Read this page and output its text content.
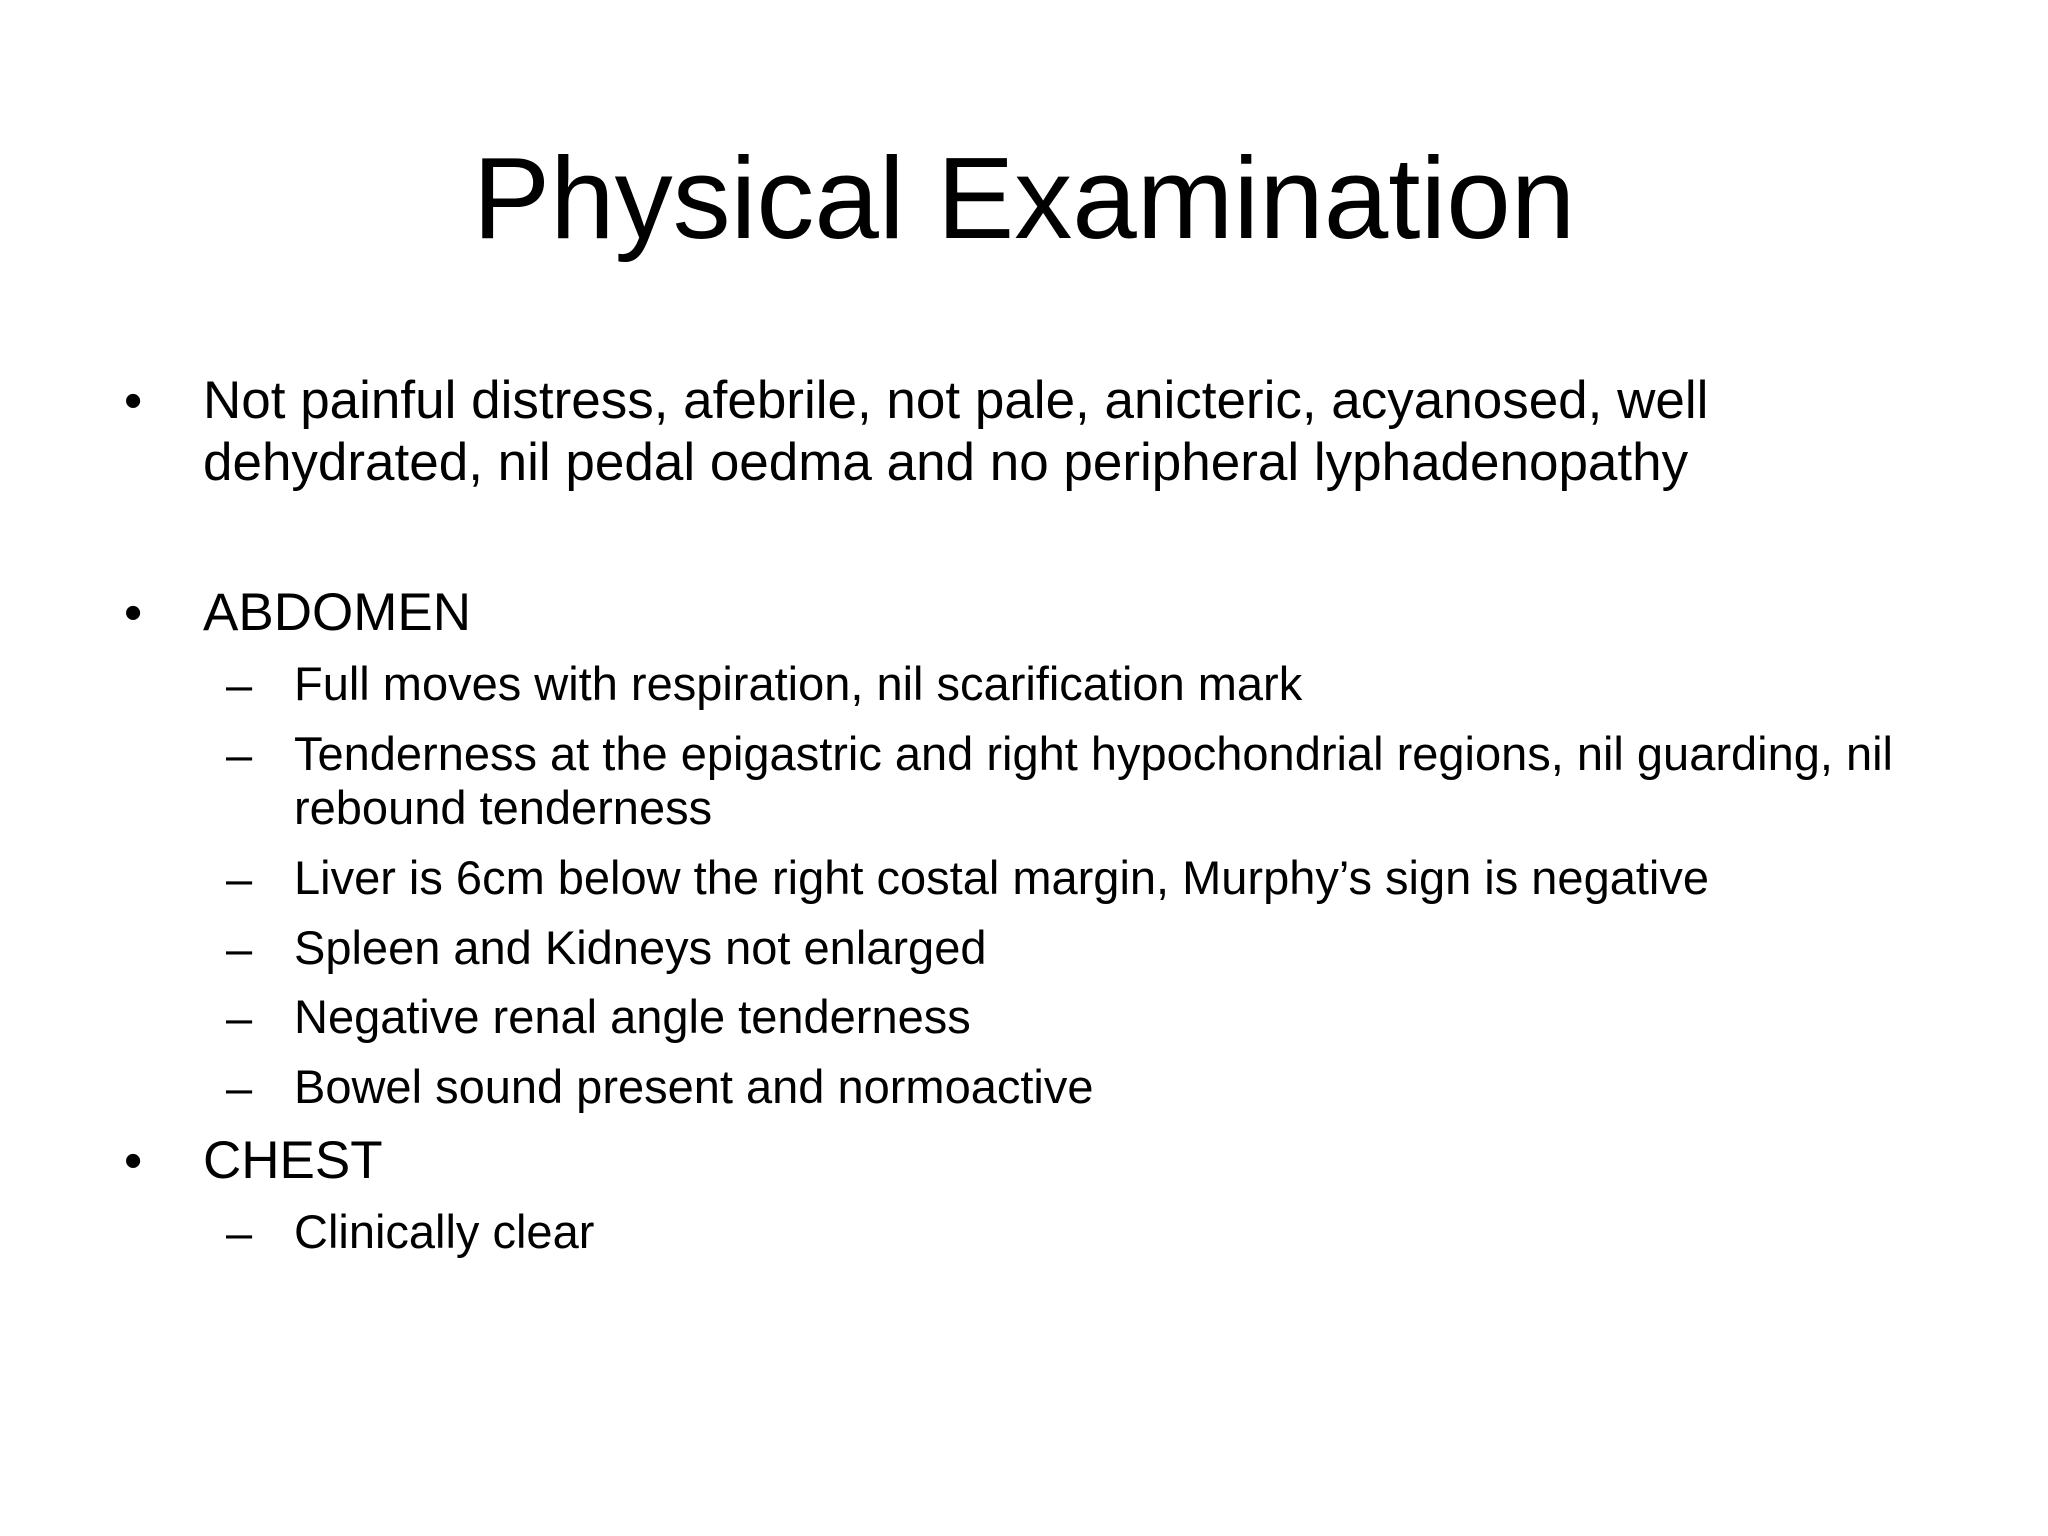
Physical Examination
• Not painful distress, afebrile, not pale, anicteric, acyanosed, well dehydrated, nil pedal oedma and no peripheral lyphadenopathy
• ABDOMEN
– Full moves with respiration, nil scarification mark
– Tenderness at the epigastric and right hypochondrial regions, nil guarding, nil rebound tenderness
– Liver is 6cm below the right costal margin, Murphy’s sign is negative
– Spleen and Kidneys not enlarged
– Negative renal angle tenderness
– Bowel sound present and normoactive
• CHEST
– Clinically clear
